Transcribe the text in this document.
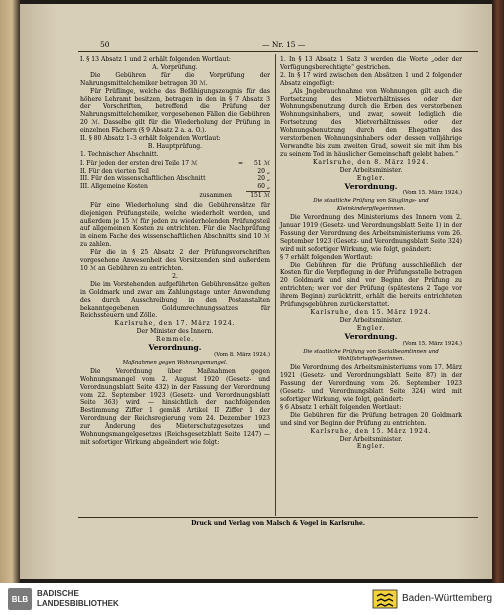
50	— Nr. 15 —

I. § 13 Absatz 1 und 2 erhält folgenden Wortlaut:

A. Vorprüfung.

Die Gebühren für die Vorprüfung der Nahrungsmittelchemiker betragen 30 ℳ.

Für Prüflinge, welche das Befähigungszeugnis für das höhere Lehramt besitzen, betragen in den in § 7 Absatz 3 der Vorschriften, betreffend die Prüfung der Nahrungsmittelchemiker, vorgesehenen Fällen die Gebühren 20 ℳ. Dasselbe gilt für die Wiederholung der Prüfung in einzelnen Fächern (§ 9 Absatz 2 a. a. O.).

II. § 80 Absatz 1–3 erhält folgenden Wortlaut:

B. Hauptprüfung.

1. Technischer Abschnitt.

I. Für jeden der ersten drei Teile 17 ℳ	=	51 ℳ
II. Für den vierten Teil		20 „
III. Für den wissenschaftlichen Abschnitt		20 „
III. Allgemeine Kosten		60 „
zusammen		151 ℳ

Für eine Wiederholung sind die Gebührensätze für diejenigen Prüfungsteile, welche wiederholt werden, und außerdem je 15 ℳ für jeden zu wiederholenden Prüfungsteil auf allgemeinen Kosten zu entrichten. Für die Nachprüfung in einem Fache des wissenschaftlichen Abschnitts sind 10 ℳ zu zahlen.

Für die in § 25 Absatz 2 der Prüfungsvorschriften vorgesehene Anwesenheit des Vorsitzenden sind außerdem 10 ℳ an Gebühren zu entrichten.

2.

Die im Vorstehenden aufgeführten Gebührensätze gelten in Goldmark und zwar am Zahlungstage unter Anwendung des durch Ausschreibung in den Postanstalten bekanntgegebenen Goldumrechnungssatzes für Reichssteuern und Zölle.

Karlsruhe, den 17. März 1924.

Der Minister des Innern.

Remmele.

Verordnung.

(Vom 8. März 1924.)

Maßnahmen gegen Wohnungsmangel.

Die Verordnung über Maßnahmen gegen Wohnungsmangel vom 2. August 1920 (Gesetz- und Verordnungsblatt Seite 432) in der Fassung der Verordnung vom 22. September 1923 (Gesetz- und Verordnungsblatt Seite 363) wird — hinsichtlich der nachfolgenden Bestimmung Ziffer 1 gemäß Artikel II Ziffer 1 der Verordnung der Reichsregierung vom 24. Dezember 1923 zur Änderung des Mieterschutzgesetzes und Wohnungsmangelgesetzes (Reichsgesetzblatt Seite 1247) — mit sofortiger Wirkung abgeändert wie folgt:

1. In § 13 Absatz 1 Satz 3 werden die Worte „oder der Verfügungsberechtigte“ gestrichen.

2. In § 17 wird zwischen den Absätzen 1 und 2 folgender Absatz eingefügt:

„Als Jngebrauchnahme von Wohnungen gilt auch die Fortsetzung des Mietverhältnisses oder der Wohnungsbenutzung durch die Erben des verstorbenen Wohnungsinhabers, und zwar, soweit lediglich die Fortsetzung des Mietverhältnisses oder der Wohnungsbenutzung durch den Ehegatten des verstorbenen Wohnungsinhabers oder dessen volljährige Verwandte bis zum zweiten Grad, soweit sie mit ihm bis zu seinem Tod in häuslicher Gemeinschaft gelebt haben.“

Karlsruhe, den 8. März 1924.

Der Arbeitsminister.

Engler.

Verordnung.

(Vom 15. März 1924.)

Die staatliche Prüfung von Säuglings- und Kleinkinderpflegerinnen.

Die Verordnung des Ministeriums des Innern vom 2. Januar 1919 (Gesetz- und Verordnungsblatt Seite 1) in der Fassung der Verordnung des Arbeitsministeriums vom 26. September 1923 (Gesetz- und Verordnungsblatt Seite 324) wird mit sofortiger Wirkung, wie folgt, geändert:

§ 7 erhält folgenden Wortlaut:

Die Gebühren für die Prüfung ausschließlich der Kosten für die Verpflegung in der Prüfungsstelle betragen 20 Goldmark und sind vor Beginn der Prüfung zu entrichten; wer vor der Prüfung (spätestens 2 Tage vor ihrem Beginn) zurücktritt, erhält die bereits entrichteten Prüfungsgebühren zurückerstattet.

Karlsruhe, den 15. März 1924.

Der Arbeitsminister.

Engler.

Verordnung.

(Vom 15. März 1924.)

Die staatliche Prüfung von Sozialbeamtinnen und Wohlfahrtspflegerinnen.

Die Verordnung des Arbeitsministeriums vom 17. März 1921 (Gesetz- und Verordnungsblatt Seite 87) in der Fassung der Verordnung vom 26. September 1923 (Gesetz- und Verordnungsblatt Seite 324) wird mit sofortiger Wirkung, wie folgt, geändert:

§ 6 Absatz 1 erhält folgenden Wortlaut:

Die Gebühren für die Prüfung betragen 20 Goldmark und sind vor Beginn der Prüfung zu entrichten.

Karlsruhe, den 15. März 1924.

Der Arbeitsminister.

Engler.

Druck und Verlag von Malsch & Vogel in Karlsruhe.
BLB
BADISCHE
LANDESBIBLIOTHEK	Baden-Württemberg
